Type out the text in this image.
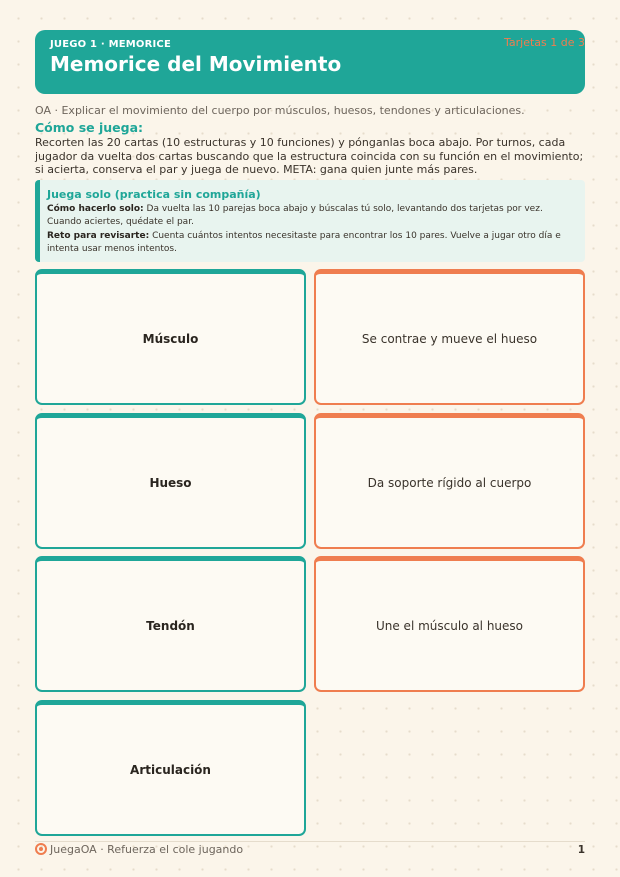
JUEGO 1 · MEMORICE	Tarjetas 1 de 3
Memorice del Movimiento
OA · Explicar el movimiento del cuerpo por músculos, huesos, tendones y articulaciones.
Cómo se juega:
Recorten las 20 cartas (10 estructuras y 10 funciones) y pónganlas boca abajo. Por turnos, cada jugador da vuelta dos cartas buscando que la estructura coincida con su función en el movimiento; si acierta, conserva el par y juega de nuevo. META: gana quien junte más pares.
Juega solo (practica sin compañía)
Cómo hacerlo solo: Da vuelta las 10 parejas boca abajo y búscalas tú solo, levantando dos tarjetas por vez. Cuando aciertes, quédate el par.
Reto para revisarte: Cuenta cuántos intentos necesitaste para encontrar los 10 pares. Vuelve a jugar otro día e intenta usar menos intentos.
Músculo	Se contrae y mueve el hueso
Hueso	Da soporte rígido al cuerpo
Tendón	Une el músculo al hueso
Articulación
JuegaOA · Refuerza el cole jugando	1
